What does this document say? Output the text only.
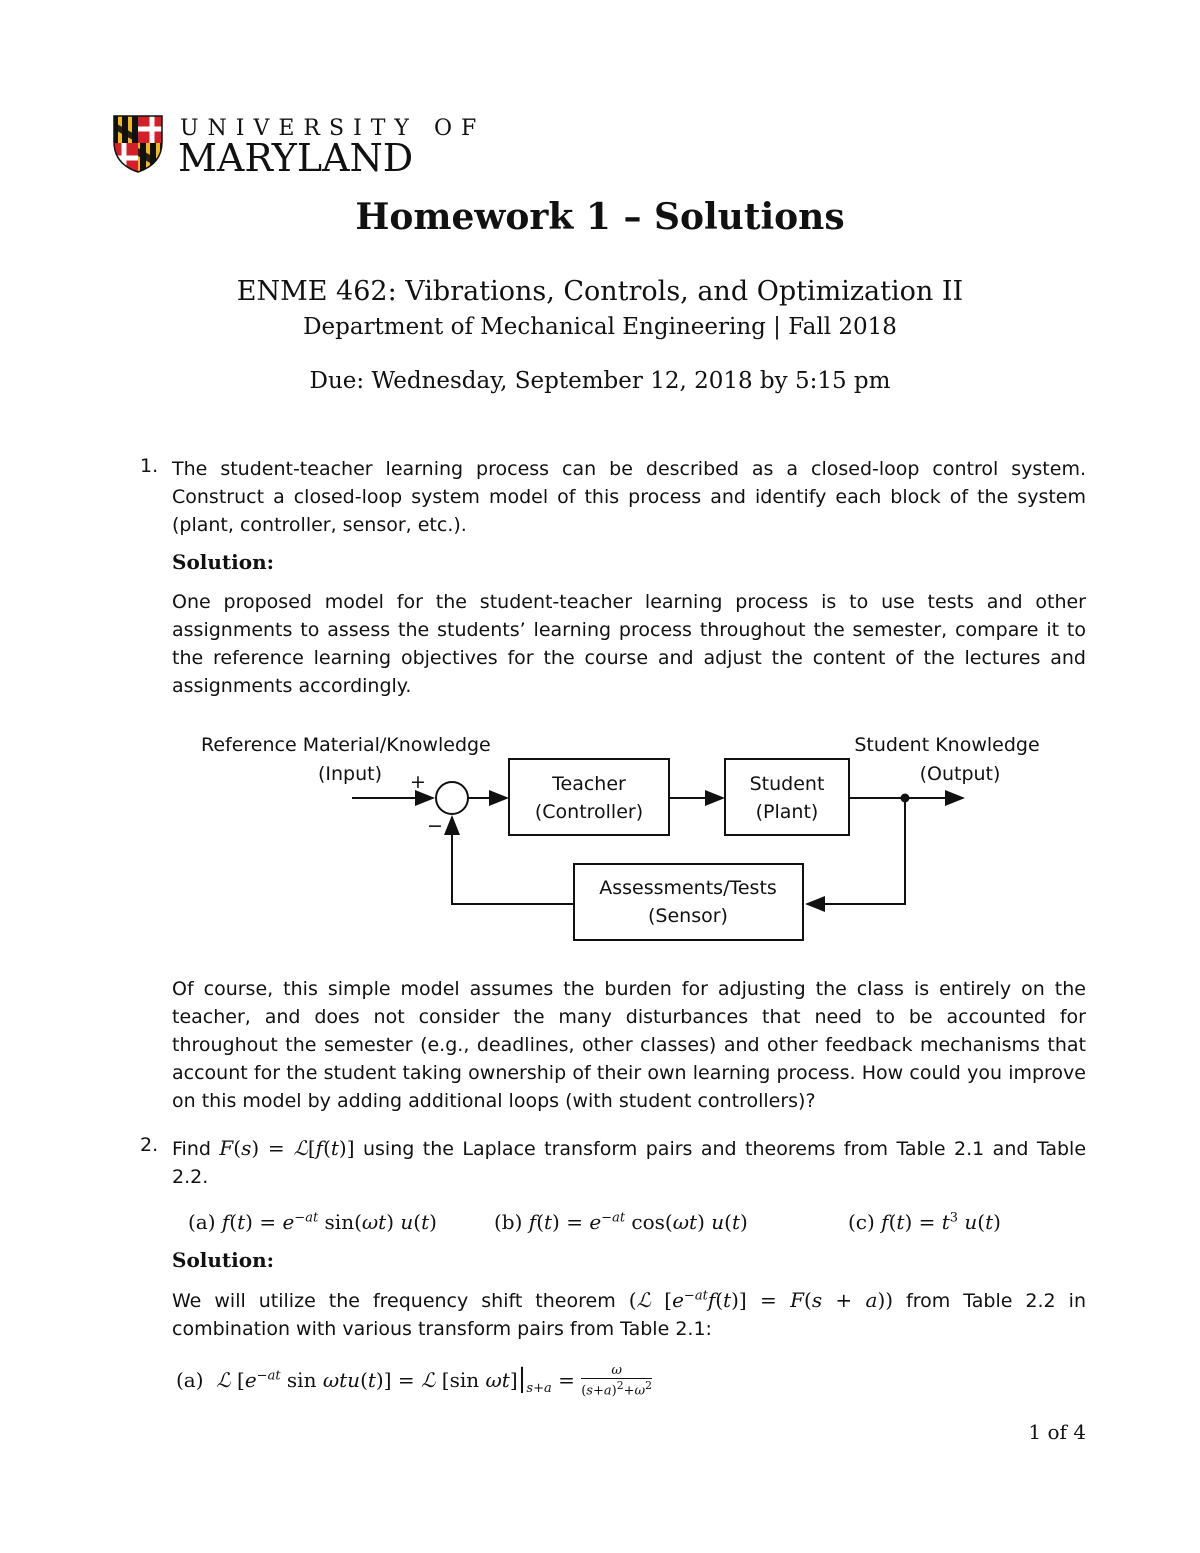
UNIVERSITY OF
MARYLAND
Homework 1 – Solutions
ENME 462: Vibrations, Controls, and Optimization II
Department of Mechanical Engineering | Fall 2018
Due: Wednesday, September 12, 2018 by 5:15 pm
1. The student-teacher learning process can be described as a closed-loop control system. Construct a closed-loop system model of this process and identify each block of the system (plant, controller, sensor, etc.).
Solution:
One proposed model for the student-teacher learning process is to use tests and other assignments to assess the students’ learning process throughout the semester, compare it to the reference learning objectives for the course and adjust the content of the lectures and assignments accordingly.
Reference Material/Knowledge
(Input) +
−
Teacher
(Controller)
Student
(Plant)
Student Knowledge
(Output)
Assessments/Tests
(Sensor)
Of course, this simple model assumes the burden for adjusting the class is entirely on the teacher, and does not consider the many disturbances that need to be accounted for throughout the semester (e.g., deadlines, other classes) and other feedback mechanisms that account for the student taking ownership of their own learning process. How could you improve on this model by adding additional loops (with student controllers)?
2. Find F(s) = ℒ[f(t)] using the Laplace transform pairs and theorems from Table 2.1 and Table 2.2.
(a) $f(t) = e^{-at}$ sin(ωt) u(t)	(b) $f(t) = e^{-at}$ cos(ωt) u(t)	(c) $f(t) = t^3$ u(t)
Solution:
We will utilize the frequency shift theorem (ℒ $[e^{-at}f(t)] = F(s + a)$) from Table 2.2 in combination with various transform pairs from Table 2.1:
(a) ℒ [$e^{-at}$ sin ωtu(t)] = ℒ [sin $\omega t]|_{s+a} = \frac{\omega}{(s+a)^2+\omega^2}$
1 of 4
